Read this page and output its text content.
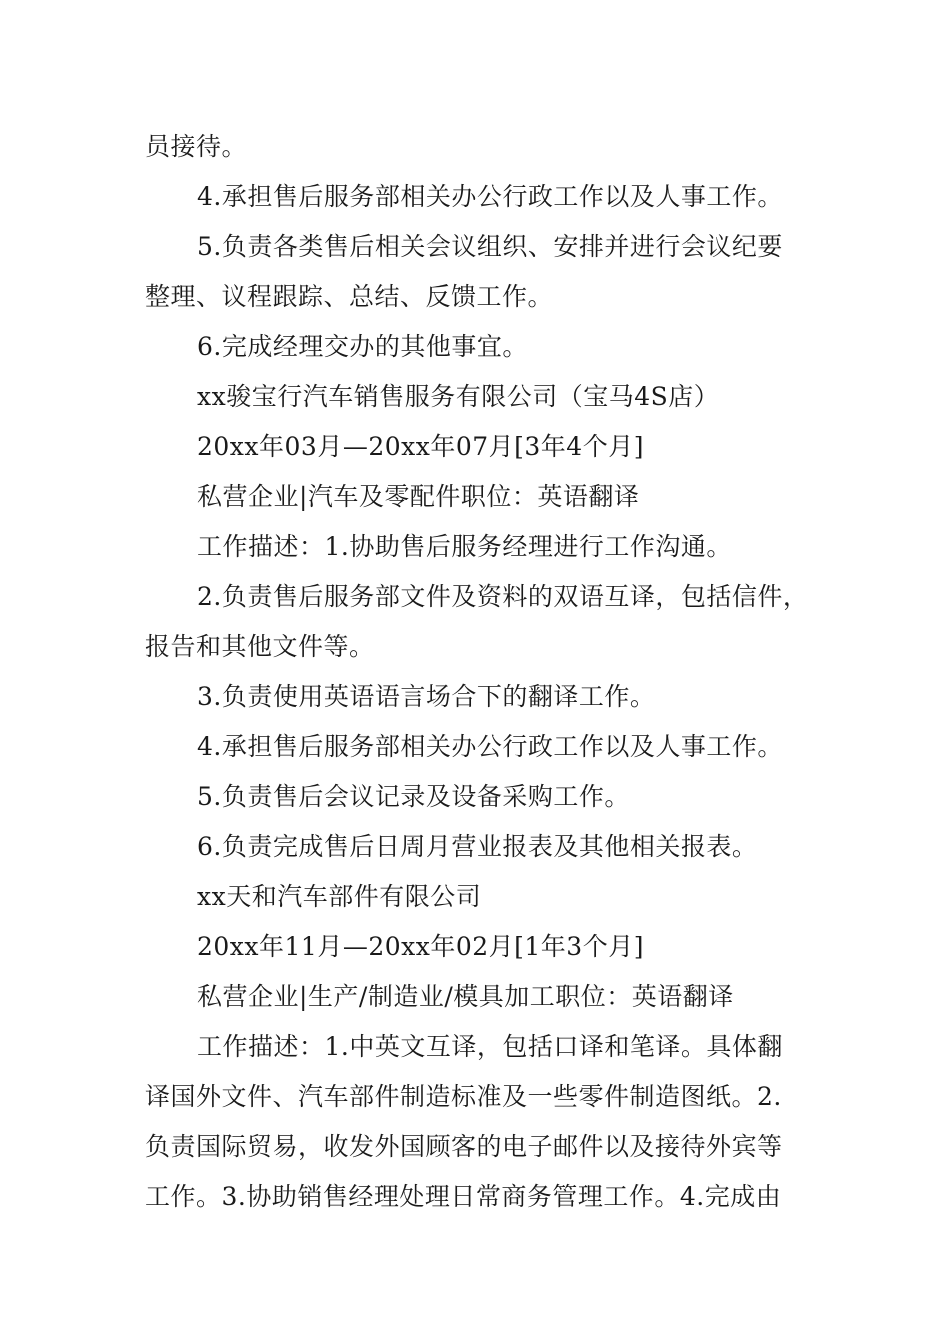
员接待。
4.承担售后服务部相关办公行政工作以及人事工作。
5.负责各类售后相关会议组织、安排并进行会议纪要
整理、议程跟踪、总结、反馈工作。
6.完成经理交办的其他事宜。
xx骏宝行汽车销售服务有限公司（宝马4S店）
20xx年03月—20xx年07月[3年4个月]
私营企业|汽车及零配件职位：英语翻译
工作描述：1.协助售后服务经理进行工作沟通。
2.负责售后服务部文件及资料的双语互译，包括信件，
报告和其他文件等。
3.负责使用英语语言场合下的翻译工作。
4.承担售后服务部相关办公行政工作以及人事工作。
5.负责售后会议记录及设备采购工作。
6.负责完成售后日周月营业报表及其他相关报表。
xx天和汽车部件有限公司
20xx年11月—20xx年02月[1年3个月]
私营企业|生产/制造业/模具加工职位：英语翻译
工作描述：1.中英文互译，包括口译和笔译。具体翻
译国外文件、汽车部件制造标准及一些零件制造图纸。2.
负责国际贸易，收发外国顾客的电子邮件以及接待外宾等
工作。3.协助销售经理处理日常商务管理工作。4.完成由
